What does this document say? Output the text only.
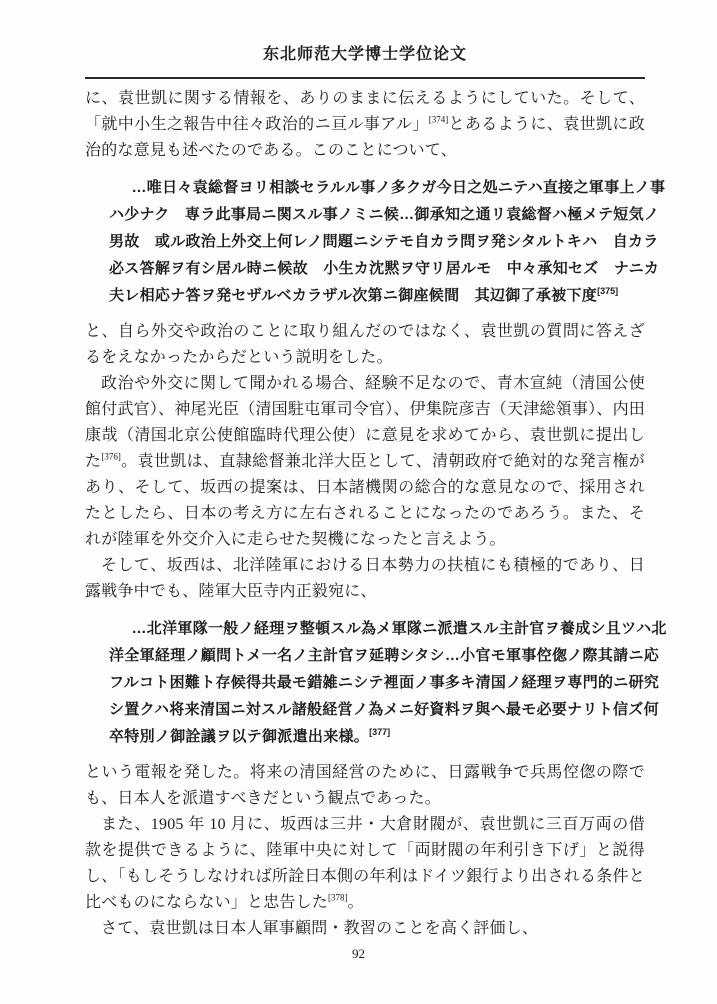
东北师范大学博士学位论文

に、袁世凱に関する情報を、ありのままに伝えるようにしていた。そして、「就中小生之報告中往々政治的ニ亘ル事アル」[374]とあるように、袁世凱に政治的な意見も述べたのである。このことについて、

…唯日々袁総督ヨリ相談セラルル事ノ多クガ今日之処ニテハ直接之軍事上ノ事
ハ少ナク　専ラ此事局ニ関スル事ノミニ候…御承知之通リ袁総督ハ極メテ短気ノ
男故　或ル政治上外交上何レノ問題ニシテモ自カラ問ヲ発シタルトキハ　自カラ
必ス答解ヲ有シ居ル時ニ候故　小生カ沈黙ヲ守リ居ルモ　中々承知セズ　ナニカ
夫レ相応ナ答ヲ発セザルベカラザル次第ニ御座候間　其辺御了承被下度[375]

と、自ら外交や政治のことに取り組んだのではなく、袁世凱の質問に答えざるをえなかったからだという説明をした。

政治や外交に関して聞かれる場合、経験不足なので、青木宣純（清国公使館付武官）、神尾光臣（清国駐屯軍司令官）、伊集院彦吉（天津総領事）、内田康哉（清国北京公使館臨時代理公使）に意見を求めてから、袁世凱に提出した[376]。袁世凱は、直隷総督兼北洋大臣として、清朝政府で絶対的な発言権があり、そして、坂西の提案は、日本諸機関の総合的な意見なので、採用されたとしたら、日本の考え方に左右されることになったのであろう。また、それが陸軍を外交介入に走らせた契機になったと言えよう。

そして、坂西は、北洋陸軍における日本勢力の扶植にも積極的であり、日露戦争中でも、陸軍大臣寺内正毅宛に、

…北洋軍隊一般ノ経理ヲ整頓スル為メ軍隊ニ派遣スル主計官ヲ養成シ且ツハ北
洋全軍経理ノ顧問トメ一名ノ主計官ヲ延聘シタシ…小官モ軍事倥偬ノ際其請ニ応
フルコト困難ト存候得共最モ錯雑ニシテ裡面ノ事多キ清国ノ経理ヲ専門的ニ研究
シ置クハ将来清国ニ対スル諸般経営ノ為メニ好資料ヲ與ヘ最モ必要ナリト信ズ何
卒特別ノ御詮議ヲ以テ御派遣出来様。[377]

という電報を発した。将来の清国経営のために、日露戦争で兵馬倥偬の際でも、日本人を派遣すべきだという観点であった。

また、1905 年 10 月に、坂西は三井・大倉財閥が、袁世凱に三百万両の借款を提供できるように、陸軍中央に対して「両財閥の年利引き下げ」と説得し、「もしそうしなければ所詮日本側の年利はドイツ銀行より出される条件と比べものにならない」と忠告した[378]。

さて、袁世凱は日本人軍事顧問・教習のことを高く評価し、

92
